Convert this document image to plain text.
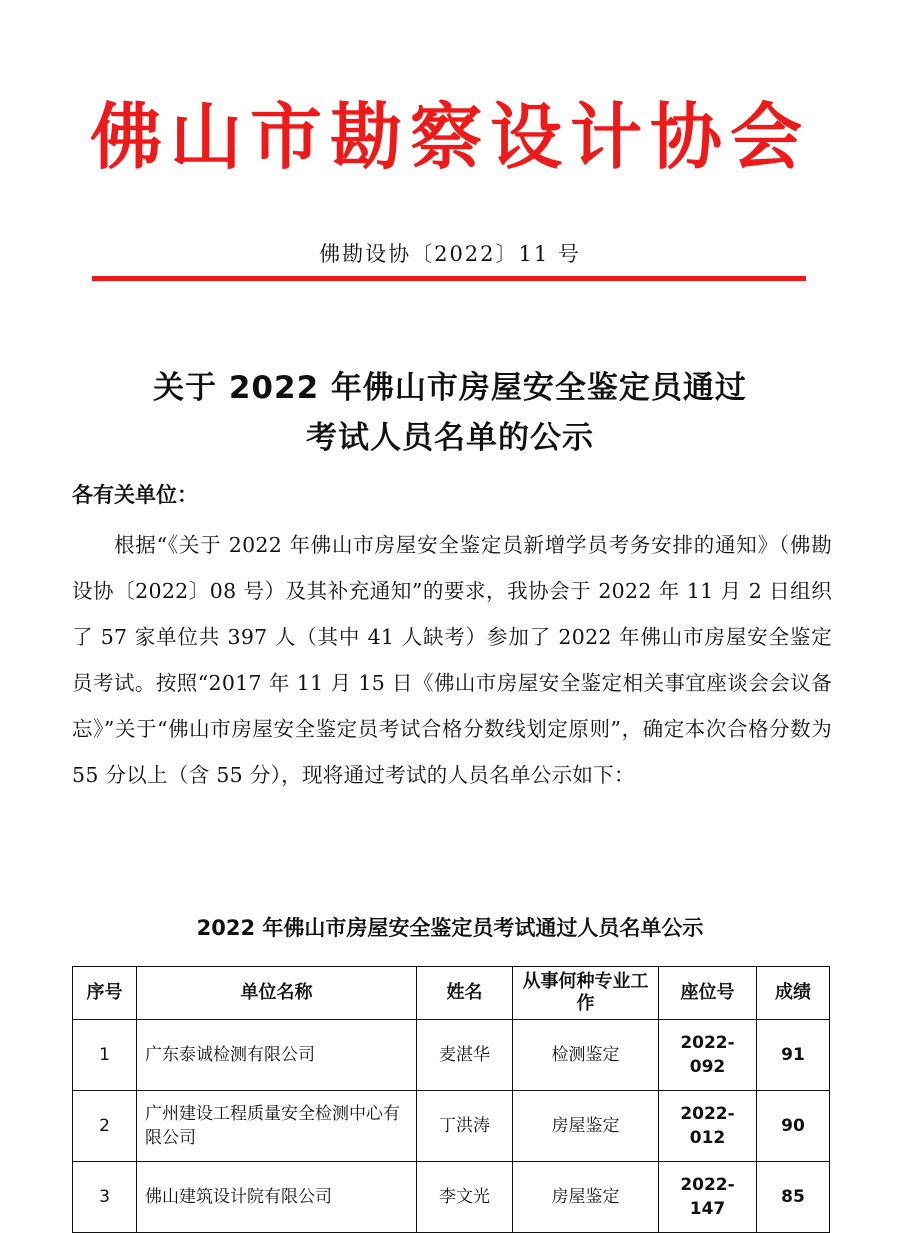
佛山市勘察设计协会
佛勘设协〔2022〕11 号
关于 2022 年佛山市房屋安全鉴定员通过
考试人员名单的公示
各有关单位：
根据“《关于 2022 年佛山市房屋安全鉴定员新增学员考务安排的通知》（佛勘设协〔2022〕08 号）及其补充通知”的要求，我协会于 2022 年 11 月 2 日组织了 57 家单位共 397 人（其中 41 人缺考）参加了 2022 年佛山市房屋安全鉴定员考试。按照“2017 年 11 月 15 日《佛山市房屋安全鉴定相关事宜座谈会会议备忘》”关于“佛山市房屋安全鉴定员考试合格分数线划定原则”，确定本次合格分数为 55 分以上（含 55 分），现将通过考试的人员名单公示如下：
2022 年佛山市房屋安全鉴定员考试通过人员名单公示
序号	单位名称	姓名	从事何种专业工作	座位号	成绩
1	广东泰诚检测有限公司	麦湛华	检测鉴定	2022-092	91
2	广州建设工程质量安全检测中心有限公司	丁洪涛	房屋鉴定	2022-012	90
3	佛山建筑设计院有限公司	李文光	房屋鉴定	2022-147	85
